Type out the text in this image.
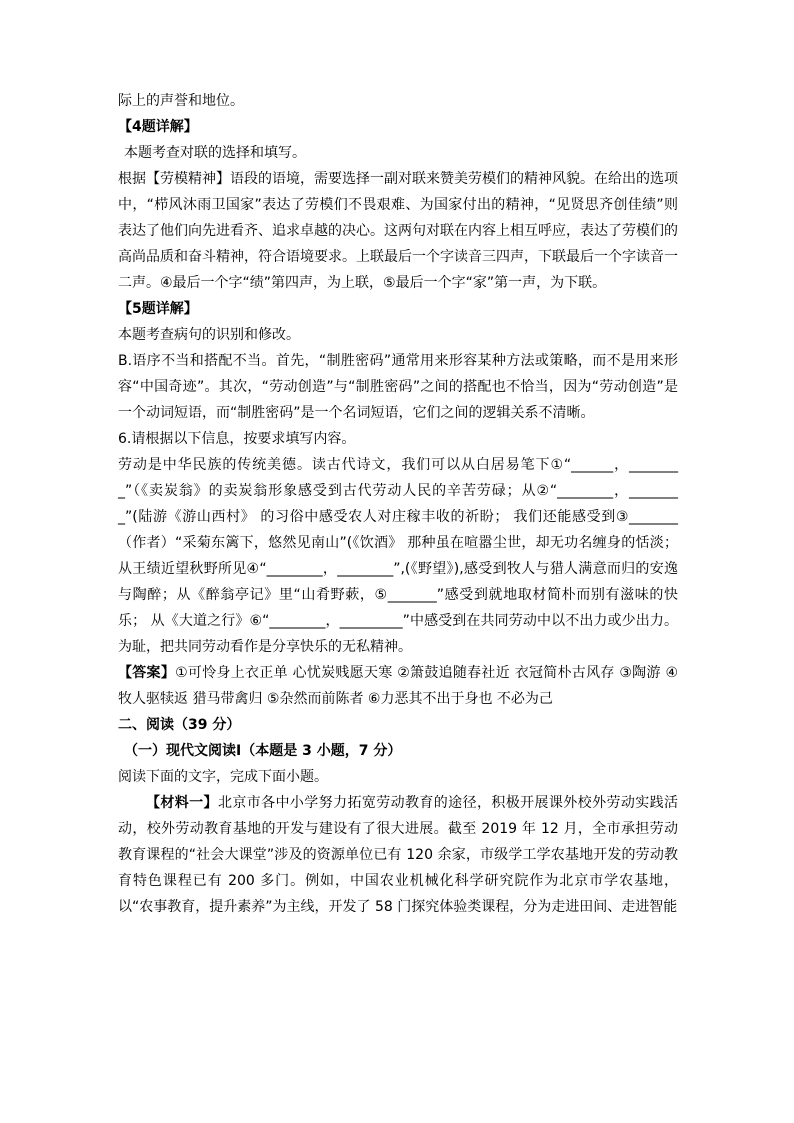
际上的声誉和地位。

【4题详解】

本题考查对联的选择和填写。

根据【劳模精神】语段的语境，需要选择一副对联来赞美劳模们的精神风貌。在给出的选项中，“栉风沐雨卫国家”表达了劳模们不畏艰难、为国家付出的精神，“见贤思齐创佳绩”则表达了他们向先进看齐、追求卓越的决心。这两句对联在内容上相互呼应，表达了劳模们的高尚品质和奋斗精神，符合语境要求。上联最后一个字读音三四声，下联最后一个字读音一二声。④最后一个字“绩”第四声，为上联，⑤最后一个字“家”第一声，为下联。

【5题详解】

本题考查病句的识别和修改。

B.语序不当和搭配不当。首先，“制胜密码”通常用来形容某种方法或策略，而不是用来形容“中国奇迹”。其次，“劳动创造”与“制胜密码”之间的搭配也不恰当，因为“劳动创造”是一个动词短语，而“制胜密码”是一个名词短语，它们之间的逻辑关系不清晰。

6.请根据以下信息，按要求填写内容。

劳动是中华民族的传统美德。读古代诗文，我们可以从白居易笔下①“______，________”（《卖炭翁》的卖炭翁形象感受到古代劳动人民的辛苦劳碌；从②“________，________”(陆游《游山西村》 的习俗中感受农人对庄稼丰收的祈盼； 我们还能感受到③_______（作者）“采菊东篱下，悠然见南山”(《饮酒》 那种虽在喧嚣尘世，却无功名缠身的恬淡；从王绩近望秋野所见④“________，________”,(《野望》),感受到牧人与猎人满意而归的安逸与陶醉；从《醉翁亭记》里“山肴野蔌，⑤_______”感受到就地取材简朴而别有滋味的快乐； 从《大道之行》⑥“________，_________”中感受到在共同劳动中以不出力或少出力。为耻，把共同劳动看作是分享快乐的无私精神。

【答案】①可怜身上衣正单 心忧炭贱愿天寒 ②箫鼓追随春社近 衣冠简朴古风存 ③陶游 ④牧人驱犊返 猎马带禽归 ⑤杂然而前陈者 ⑥力恶其不出于身也 不必为己

二、阅读（39 分）

（一）现代文阅读Ⅰ（本题是 3 小题，7 分）

阅读下面的文字，完成下面小题。

【材料一】北京市各中小学努力拓宽劳动教育的途径，积极开展课外校外劳动实践活动，校外劳动教育基地的开发与建设有了很大进展。截至 2019 年 12 月，全市承担劳动教育课程的“社会大课堂”涉及的资源单位已有 120 余家，市级学工学农基地开发的劳动教育特色课程已有 200 多门。例如，中国农业机械化科学研究院作为北京市学农基地，以“农事教育，提升素养”为主线，开发了 58 门探究体验类课程，分为走进田间、走进智能
